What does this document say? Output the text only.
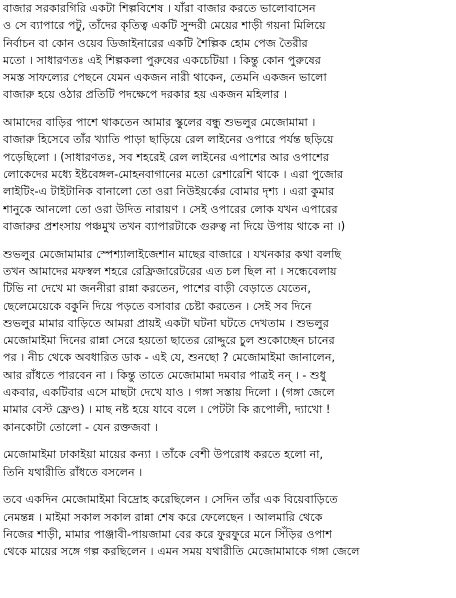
বাজার সরকারগিরি একটা শিল্পবিশেষ । যাঁরা বাজার করতে ভালোবাসেন
ও সে ব্যাপারে পটু, তাঁদের কৃতিত্ব একটি সুন্দরী মেয়ের শাড়ী গয়না মিলিয়ে
নির্বাচন বা কোন ওয়েব ডিজাইনারের একটি শৈল্পিক হোম পেজ তৈরীর
মতো । সাধারণতঃ এই শিল্পকলা পুরুষের একচেটিয়া । কিন্তু কোন পুরুষের
সমস্ত সাফল্যের পেছনে যেমন একজন নারী থাকেন, তেমনি একজন ভালো
বাজারু হয়ে ওঠার প্রতিটি পদক্ষেপে দরকার হয় একজন মহিলার ।

আমাদের বাড়ির পাশে থাকতেন আমার স্কুলের বন্ধু শুভলুর মেজোমামা ।
বাজারু হিসেবে তাঁর খ্যাতি পাড়া ছাড়িয়ে রেল লাইনের ওপারে পর্যন্ত ছড়িয়ে
পড়েছিলো । (সাধারণতঃ, সব শহরেই রেল লাইনের এপাশের আর ওপাশের
লোকেদের মধ্যে ইষ্টবেঙ্গল-মোহনবাগানের মতো রেশারেশি থাকে । এরা পুজোর
লাইটিং-এ টাইটানিক বানালো তো ওরা নিউইয়র্কের বোমার দৃশ্য । এরা কুমার
শানুকে আনলো তো ওরা উদিত নারায়ণ । সেই ওপারের লোক যখন এপারের
বাজারুর প্রশংসায় পঞ্চমুখ তখন ব্যাপারটাকে গুরুত্ব না দিয়ে উপায় থাকে না ।)

শুভলুর মেজোমামার স্পেশ্যালাইজেশান মাছের বাজারে । যখনকার কথা বলছি
তখন আমাদের মফস্বল শহরে রেফ্রিজারেটরের এত চল ছিল না । সন্ধেবেলায়
টিভি না দেখে মা জননীরা রান্না করতেন, পাশের বাড়ী বেড়াতে যেতেন,
ছেলেমেয়েকে বকুনি দিয়ে পড়তে বসাবার চেষ্টা করতেন । সেই সব দিনে
শুভলুর মামার বাড়িতে আমরা প্রায়ই একটা ঘটনা ঘটতে দেখতাম । শুভলুর
মেজোমাইমা দিনের রান্না সেরে হয়তো ছাতের রোদ্দুরে চুল শুকোচ্ছেন চানের
পর । নীচ থেকে অবধারিত ডাক - এই যে, শুনছো ? মেজোমাইমা জানালেন,
আর রাঁধতে পারবেন না । কিন্তু তাতে মেজোমামা দমবার পাত্রই নন্ । - শুধু
একবার, একটিবার এসে মাছটা দেখে যাও । গঙ্গা সস্তায় দিলো । (গঙ্গা জেলে
মামার বেস্ট ফ্রেণ্ড) । মাছ নষ্ট হয়ে যাবে বলে । পেটটা কি রূপোলী, দ্যাখো !
কানকোটা তোলো - যেন রক্তজবা ।

মেজোমাইমা ঢাকাইয়া মায়ের কন্যা । তাঁকে বেশী উপরোধ করতে হলো না,
তিনি যথারীতি রাঁধতে বসলেন ।

তবে একদিন মেজোমাইমা বিদ্রোহ করেছিলেন । সেদিন তাঁর এক বিয়েবাড়িতে
নেমন্তন্ন । মাইমা সকাল সকাল রান্না শেষ করে ফেলেছেন । আলমারি থেকে
নিজের শাড়ী, মামার পাঞ্জাবী-পায়জামা বের করে ফুরফুরে মনে সিঁড়ির ওপাশ
থেকে মায়ের সঙ্গে গল্প করছিলেন । এমন সময় যথারীতি মেজোমামাকে গঙ্গা জেলে
